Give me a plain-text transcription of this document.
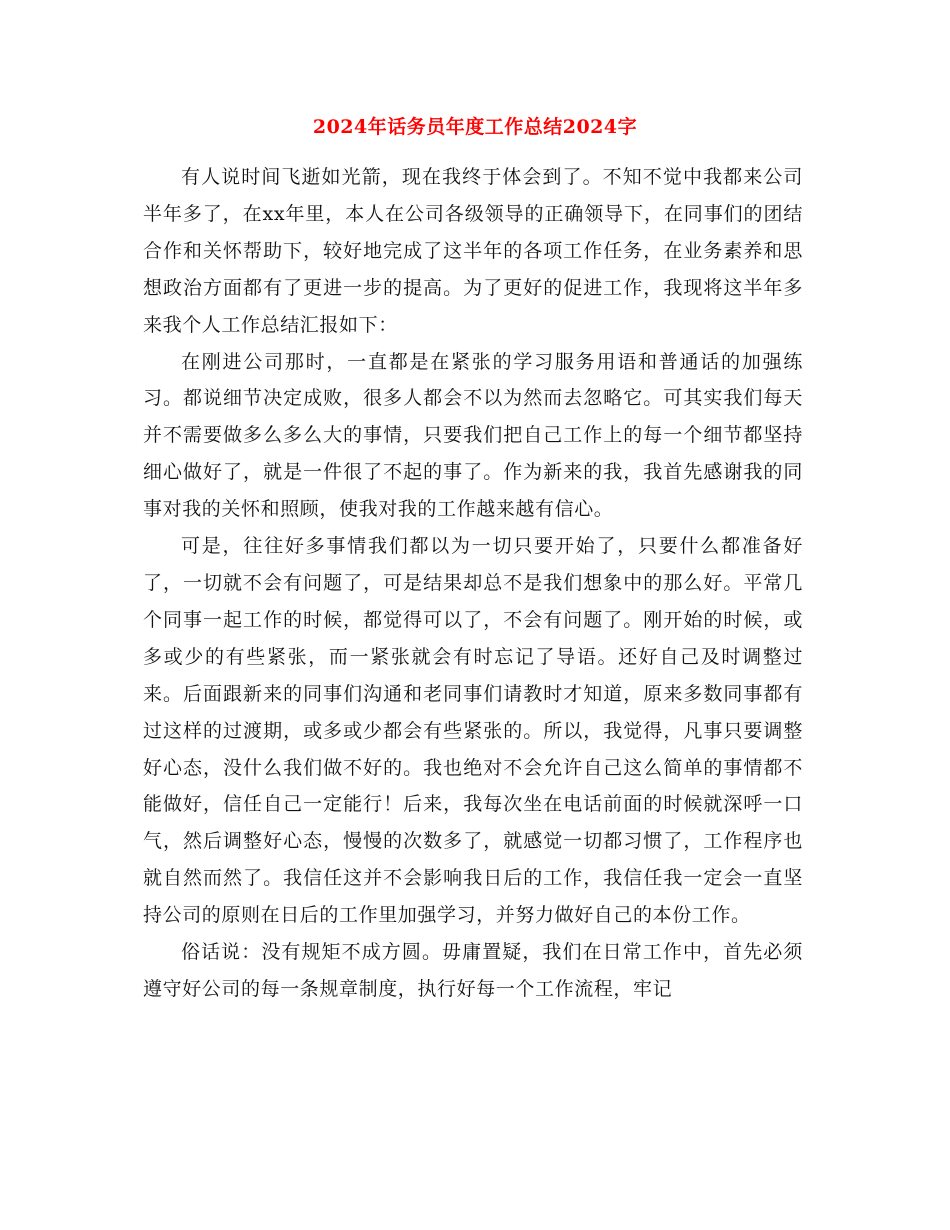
2024年话务员年度工作总结2024字

有人说时间飞逝如光箭，现在我终于体会到了。不知不觉中我都来公司半年多了，在xx年里，本人在公司各级领导的正确领导下，在同事们的团结合作和关怀帮助下，较好地完成了这半年的各项工作任务，在业务素养和思想政治方面都有了更进一步的提高。为了更好的促进工作，我现将这半年多来我个人工作总结汇报如下：

在刚进公司那时，一直都是在紧张的学习服务用语和普通话的加强练习。都说细节决定成败，很多人都会不以为然而去忽略它。可其实我们每天并不需要做多么多么大的事情，只要我们把自己工作上的每一个细节都坚持细心做好了，就是一件很了不起的事了。作为新来的我，我首先感谢我的同事对我的关怀和照顾，使我对我的工作越来越有信心。

可是，往往好多事情我们都以为一切只要开始了，只要什么都准备好了，一切就不会有问题了，可是结果却总不是我们想象中的那么好。平常几个同事一起工作的时候，都觉得可以了，不会有问题了。刚开始的时候，或多或少的有些紧张，而一紧张就会有时忘记了导语。还好自己及时调整过来。后面跟新来的同事们沟通和老同事们请教时才知道，原来多数同事都有过这样的过渡期，或多或少都会有些紧张的。所以，我觉得，凡事只要调整好心态，没什么我们做不好的。我也绝对不会允许自己这么简单的事情都不能做好，信任自己一定能行！后来，我每次坐在电话前面的时候就深呼一口气，然后调整好心态，慢慢的次数多了，就感觉一切都习惯了，工作程序也就自然而然了。我信任这并不会影响我日后的工作，我信任我一定会一直坚持公司的原则在日后的工作里加强学习，并努力做好自己的本份工作。

俗话说：没有规矩不成方圆。毋庸置疑，我们在日常工作中，首先必须遵守好公司的每一条规章制度，执行好每一个工作流程，牢记
